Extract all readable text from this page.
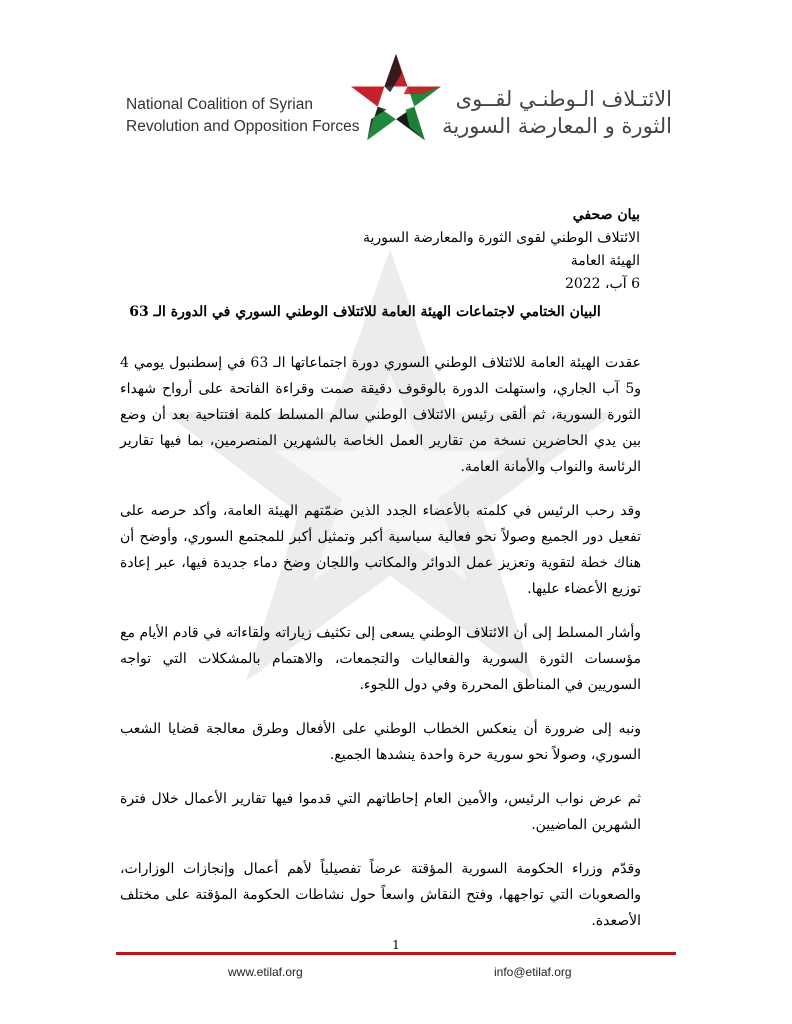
National Coalition of Syrian
Revolution and Opposition Forces
الائتـلاف الـوطنـي لقــوى
الثورة و المعارضة السورية
بيان صحفي
الائتلاف الوطني لقوى الثورة والمعارضة السورية
الهيئة العامة
6 آب، 2022
البيان الختامي لاجتماعات الهيئة العامة للائتلاف الوطني السوري في الدورة الـ 63

عقدت الهيئة العامة للائتلاف الوطني السوري دورة اجتماعاتها الـ 63 في إسطنبول يومي 4 و5 آب الجاري، واستهلت الدورة بالوقوف دقيقة صمت وقراءة الفاتحة على أرواح شهداء الثورة السورية، ثم ألقى رئيس الائتلاف الوطني سالم المسلط كلمة افتتاحية بعد أن وضع بين يدي الحاضرين نسخة من تقارير العمل الخاصة بالشهرين المنصرمين، بما فيها تقارير الرئاسة والنواب والأمانة العامة.

وقد رحب الرئيس في كلمته بالأعضاء الجدد الذين ضمّتهم الهيئة العامة، وأكد حرصه على تفعيل دور الجميع وصولاً نحو فعالية سياسية أكبر وتمثيل أكبر للمجتمع السوري، وأوضح أن هناك خطة لتقوية وتعزيز عمل الدوائر والمكاتب واللجان وضخ دماء جديدة فيها، عبر إعادة توزيع الأعضاء عليها.

وأشار المسلط إلى أن الائتلاف الوطني يسعى إلى تكثيف زياراته ولقاءاته في قادم الأيام مع مؤسسات الثورة السورية والفعاليات والتجمعات، والاهتمام بالمشكلات التي تواجه السوريين في المناطق المحررة وفي دول اللجوء.

ونبه إلى ضرورة أن ينعكس الخطاب الوطني على الأفعال وطرق معالجة قضايا الشعب السوري، وصولاً نحو سورية حرة واحدة ينشدها الجميع.

ثم عرض نواب الرئيس، والأمين العام إحاطاتهم التي قدموا فيها تقارير الأعمال خلال فترة الشهرين الماضيين.

وقدّم وزراء الحكومة السورية المؤقتة عرضاً تفصيلياً لأهم أعمال وإنجازات الوزارات، والصعوبات التي تواجهها، وفتح النقاش واسعاً حول نشاطات الحكومة المؤقتة على مختلف الأصعدة.

1
www.etilaf.org	info@etilaf.org
